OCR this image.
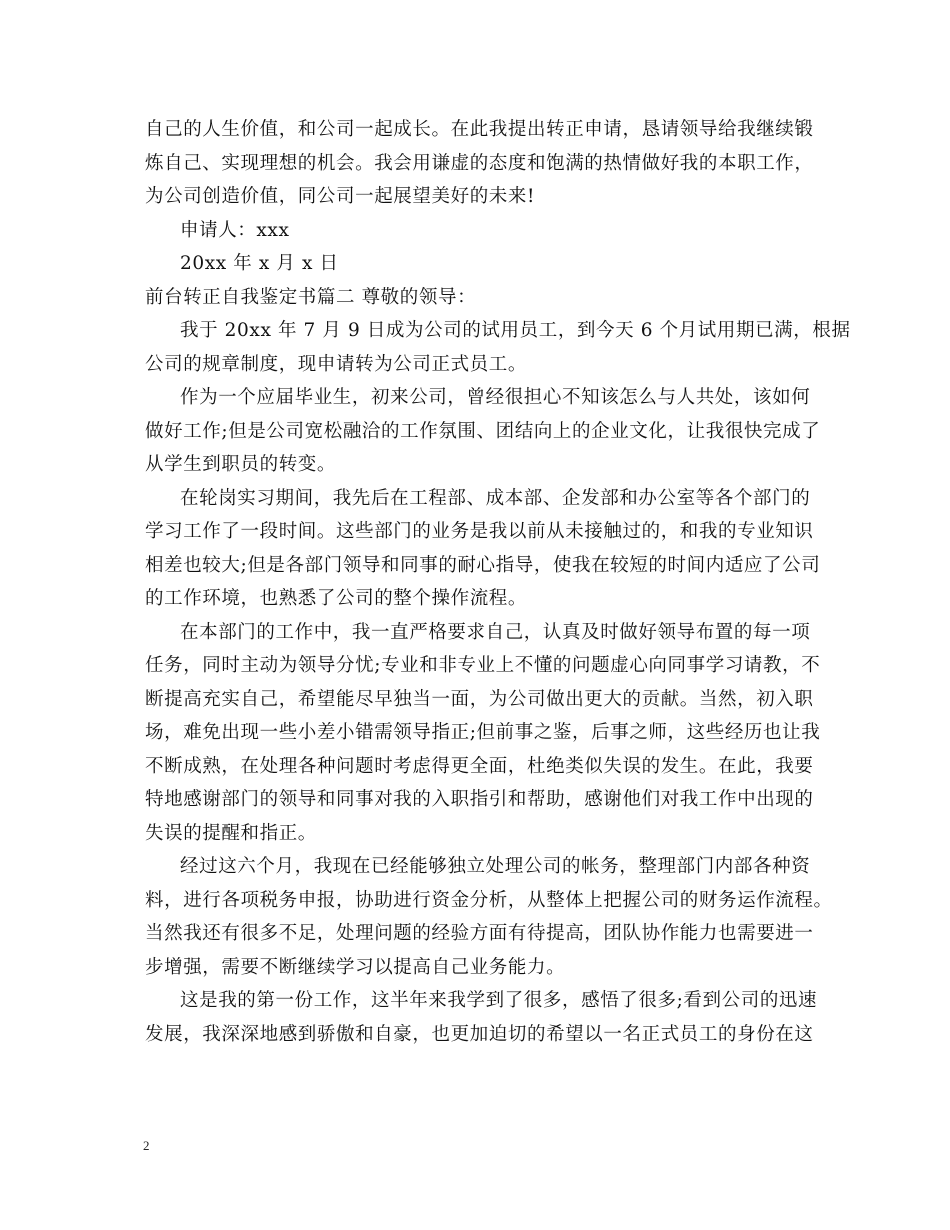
自己的人生价值，和公司一起成长。在此我提出转正申请，恳请领导给我继续锻
炼自己、实现理想的机会。我会用谦虚的态度和饱满的热情做好我的本职工作，
为公司创造价值，同公司一起展望美好的未来!
申请人：xxx
20xx 年 x 月 x 日
前台转正自我鉴定书篇二 尊敬的领导：
我于 20xx 年 7 月 9 日成为公司的试用员工，到今天 6 个月试用期已满，根据
公司的规章制度，现申请转为公司正式员工。
作为一个应届毕业生，初来公司，曾经很担心不知该怎么与人共处，该如何
做好工作;但是公司宽松融洽的工作氛围、团结向上的企业文化，让我很快完成了
从学生到职员的转变。
在轮岗实习期间，我先后在工程部、成本部、企发部和办公室等各个部门的
学习工作了一段时间。这些部门的业务是我以前从未接触过的，和我的专业知识
相差也较大;但是各部门领导和同事的耐心指导，使我在较短的时间内适应了公司
的工作环境，也熟悉了公司的整个操作流程。
在本部门的工作中，我一直严格要求自己，认真及时做好领导布置的每一项
任务，同时主动为领导分忧;专业和非专业上不懂的问题虚心向同事学习请教，不
断提高充实自己，希望能尽早独当一面，为公司做出更大的贡献。当然，初入职
场，难免出现一些小差小错需领导指正;但前事之鉴，后事之师，这些经历也让我
不断成熟，在处理各种问题时考虑得更全面，杜绝类似失误的发生。在此，我要
特地感谢部门的领导和同事对我的入职指引和帮助，感谢他们对我工作中出现的
失误的提醒和指正。
经过这六个月，我现在已经能够独立处理公司的帐务，整理部门内部各种资
料，进行各项税务申报，协助进行资金分析，从整体上把握公司的财务运作流程。
当然我还有很多不足，处理问题的经验方面有待提高，团队协作能力也需要进一
步增强，需要不断继续学习以提高自己业务能力。
这是我的第一份工作，这半年来我学到了很多，感悟了很多;看到公司的迅速
发展，我深深地感到骄傲和自豪，也更加迫切的希望以一名正式员工的身份在这
2
